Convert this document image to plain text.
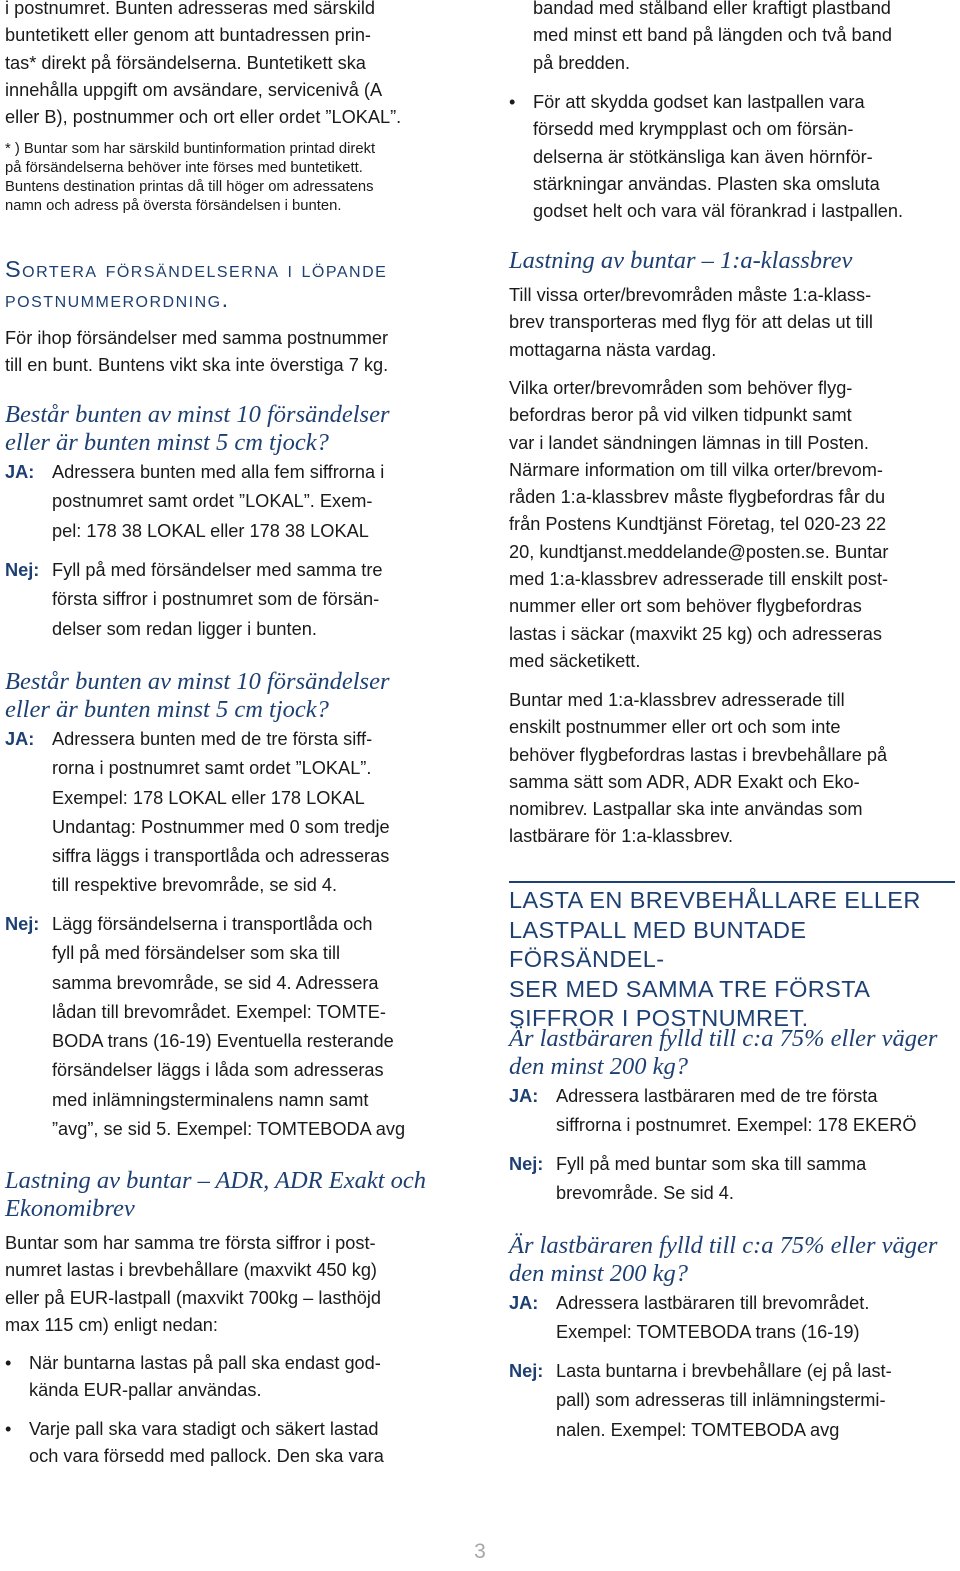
i postnumret. Bunten adresseras med särskild
buntetikett eller genom att buntadressen prin-
tas* direkt på försändelserna. Buntetikett ska
innehålla uppgift om avsändare, servicenivå (A
eller B), postnummer och ort eller ordet ”LOKAL”.
* ) Buntar som har särskild buntinformation printad direkt
på försändelserna behöver inte förses med buntetikett.
Buntens destination printas då till höger om adressatens
namn och adress på översta försändelsen i bunten.
Sortera försändelserna i löpande
postnummerordning.
För ihop försändelser med samma postnummer
till en bunt. Buntens vikt ska inte överstiga 7 kg.
Består bunten av minst 10 försändelser
eller är bunten minst 5 cm tjock?
JA: Adressera bunten med alla fem siffrorna i
postnumret samt ordet ”LOKAL”. Exem-
pel: 178 38 LOKAL eller 178 38 LOKAL
Nej: Fyll på med försändelser med samma tre
första siffror i postnumret som de försän-
delser som redan ligger i bunten.
Består bunten av minst 10 försändelser
eller är bunten minst 5 cm tjock?
JA: Adressera bunten med de tre första siff-
rorna i postnumret samt ordet ”LOKAL”.
Exempel: 178 LOKAL eller 178 LOKAL
Undantag: Postnummer med 0 som tredje
siffra läggs i transportlåda och adresseras
till respektive brevområde, se sid 4.
Nej: Lägg försändelserna i transportlåda och
fyll på med försändelser som ska till
samma brevområde, se sid 4. Adressera
lådan till brevområdet. Exempel: TOMTE-
BODA trans (16-19) Eventuella resterande
försändelser läggs i låda som adresseras
med inlämningsterminalens namn samt
”avg”, se sid 5. Exempel: TOMTEBODA avg
Lastning av buntar – ADR, ADR Exakt och
Ekonomibrev
Buntar som har samma tre första siffror i post-
numret lastas i brevbehållare (maxvikt 450 kg)
eller på EUR-lastpall (maxvikt 700kg – lasthöjd
max 115 cm) enligt nedan:
• När buntarna lastas på pall ska endast god-
kända EUR-pallar användas.
• Varje pall ska vara stadigt och säkert lastad
och vara försedd med pallock. Den ska vara
bandad med stålband eller kraftigt plastband
med minst ett band på längden och två band
på bredden.
• För att skydda godset kan lastpallen vara
försedd med krympplast och om försän-
delserna är stötkänsliga kan även hörnför-
stärkningar användas. Plasten ska omsluta
godset helt och vara väl förankrad i lastpallen.
Lastning av buntar – 1:a-klassbrev
Till vissa orter/brevområden måste 1:a-klass-
brev transporteras med flyg för att delas ut till
mottagarna nästa vardag.
Vilka orter/brevområden som behöver flyg-
befordras beror på vid vilken tidpunkt samt
var i landet sändningen lämnas in till Posten.
Närmare information om till vilka orter/brevom-
råden 1:a-klassbrev måste flygbefordras får du
från Postens Kundtjänst Företag, tel 020-23 22
20, kundtjanst.meddelande@posten.se. Buntar
med 1:a-klassbrev adresserade till enskilt post-
nummer eller ort som behöver flygbefordras
lastas i säckar (maxvikt 25 kg) och adresseras
med säcketikett.
Buntar med 1:a-klassbrev adresserade till
enskilt postnummer eller ort och som inte
behöver flygbefordras lastas i brevbehållare på
samma sätt som ADR, ADR Exakt och Eko-
nomibrev. Lastpallar ska inte användas som
lastbärare för 1:a-klassbrev.
LASTA EN BREVBEHÅLLARE ELLER
LASTPALL MED BUNTADE FÖRSÄNDEL-
SER MED SAMMA TRE FÖRSTA
SIFFROR I POSTNUMRET.
Är lastbäraren fylld till c:a 75% eller väger
den minst 200 kg?
JA: Adressera lastbäraren med de tre första
siffrorna i postnumret. Exempel: 178 EKERÖ
Nej: Fyll på med buntar som ska till samma
brevområde. Se sid 4.
Är lastbäraren fylld till c:a 75% eller väger
den minst 200 kg?
JA: Adressera lastbäraren till brevområdet.
Exempel: TOMTEBODA trans (16-19)
Nej: Lasta buntarna i brevbehållare (ej på last-
pall) som adresseras till inlämningstermi-
nalen. Exempel: TOMTEBODA avg
3
